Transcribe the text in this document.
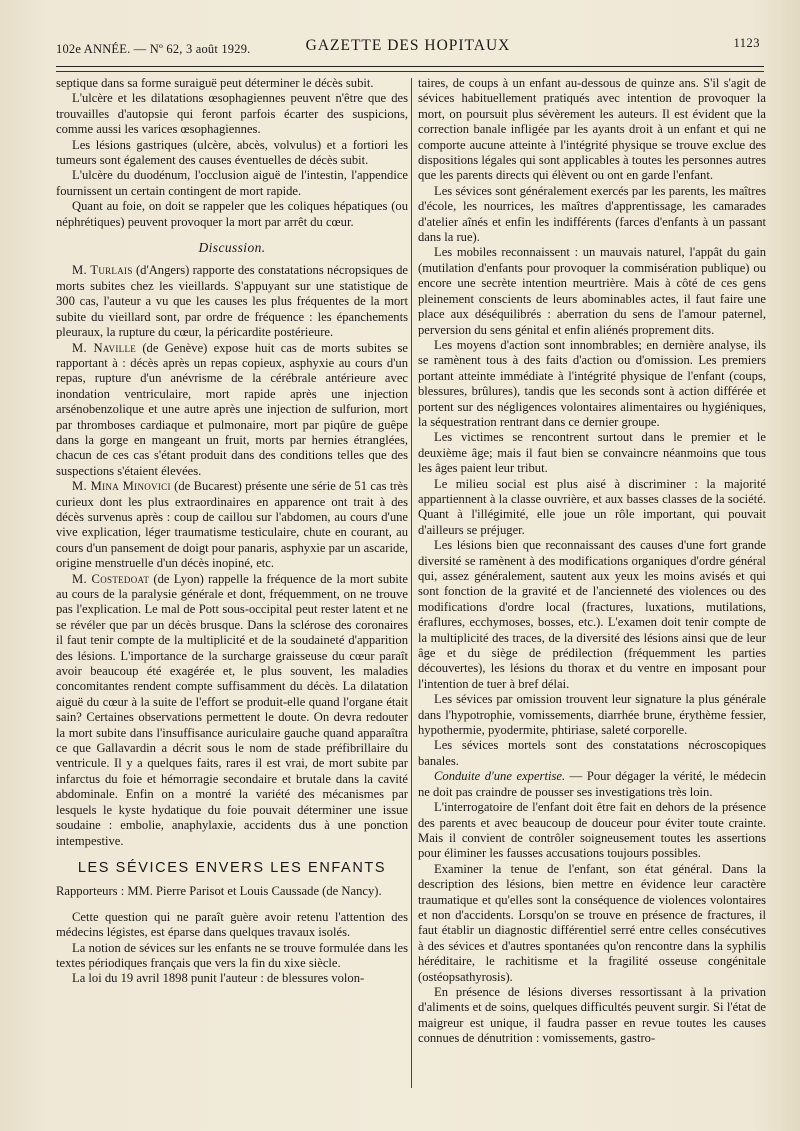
102e ANNÉE. — Nº 62, 3 août 1929.	GAZETTE DES HOPITAUX	1123

septique dans sa forme suraiguë peut déterminer le décès subit.

L'ulcère et les dilatations œsophagiennes peuvent n'être que des trouvailles d'autopsie qui feront parfois écarter des suspicions, comme aussi les varices œsophagiennes.

Les lésions gastriques (ulcère, abcès, volvulus) et a fortiori les tumeurs sont également des causes éventuelles de décès subit.

L'ulcère du duodénum, l'occlusion aiguë de l'intestin, l'appendice fournissent un certain contingent de mort rapide.

Quant au foie, on doit se rappeler que les coliques hépatiques (ou néphrétiques) peuvent provoquer la mort par arrêt du cœur.

Discussion.

M. Turlais (d'Angers) rapporte des constatations nécropsiques de morts subites chez les vieillards. S'appuyant sur une statistique de 300 cas, l'auteur a vu que les causes les plus fréquentes de la mort subite du vieillard sont, par ordre de fréquence : les épanchements pleuraux, la rupture du cœur, la péricardite postérieure.

M. Naville (de Genève) expose huit cas de morts subites se rapportant à : décès après un repas copieux, asphyxie au cours d'un repas, rupture d'un anévrisme de la cérébrale antérieure avec inondation ventriculaire, mort rapide après une injection arsénobenzolique et une autre après une injection de sulfurion, mort par thromboses cardiaque et pulmonaire, mort par piqûre de guêpe dans la gorge en mangeant un fruit, morts par hernies étranglées, chacun de ces cas s'étant produit dans des conditions telles que des suspections s'étaient élevées.

M. Mina Minovici (de Bucarest) présente une série de 51 cas très curieux dont les plus extraordinaires en apparence ont trait à des décès survenus après : coup de caillou sur l'abdomen, au cours d'une vive explication, léger traumatisme testiculaire, chute en courant, au cours d'un pansement de doigt pour panaris, asphyxie par un ascaride, origine menstruelle d'un décès inopiné, etc.

M. Costedoat (de Lyon) rappelle la fréquence de la mort subite au cours de la paralysie générale et dont, fréquemment, on ne trouve pas l'explication. Le mal de Pott sous-occipital peut rester latent et ne se révéler que par un décès brusque. Dans la sclérose des coronaires il faut tenir compte de la multiplicité et de la soudaineté d'apparition des lésions. L'importance de la surcharge graisseuse du cœur paraît avoir beaucoup été exagérée et, le plus souvent, les maladies concomitantes rendent compte suffisamment du décès. La dilatation aiguë du cœur à la suite de l'effort se produit-elle quand l'organe était sain? Certaines observations permettent le doute. On devra redouter la mort subite dans l'insuffisance auriculaire gauche quand apparaîtra ce que Gallavardin a décrit sous le nom de stade préfibrillaire du ventricule. Il y a quelques faits, rares il est vrai, de mort subite par infarctus du foie et hémorragie secondaire et brutale dans la cavité abdominale. Enfin on a montré la variété des mécanismes par lesquels le kyste hydatique du foie pouvait déterminer une issue soudaine : embolie, anaphylaxie, accidents dus à une ponction intempestive.

LES SÉVICES ENVERS LES ENFANTS

Rapporteurs : MM. Pierre Parisot et Louis Caussade (de Nancy).

Cette question qui ne paraît guère avoir retenu l'attention des médecins légistes, est éparse dans quelques travaux isolés.

La notion de sévices sur les enfants ne se trouve formulée dans les textes périodiques français que vers la fin du xixe siècle.

La loi du 19 avril 1898 punit l'auteur : de blessures volon-

taires, de coups à un enfant au-dessous de quinze ans. S'il s'agit de sévices habituellement pratiqués avec intention de provoquer la mort, on poursuit plus sévèrement les auteurs. Il est évident que la correction banale infligée par les ayants droit à un enfant et qui ne comporte aucune atteinte à l'intégrité physique se trouve exclue des dispositions légales qui sont applicables à toutes les personnes autres que les parents directs qui élèvent ou ont en garde l'enfant.

Les sévices sont généralement exercés par les parents, les maîtres d'école, les nourrices, les maîtres d'apprentissage, les camarades d'atelier aînés et enfin les indifférents (farces d'enfants à un passant dans la rue).

Les mobiles reconnaissent : un mauvais naturel, l'appât du gain (mutilation d'enfants pour provoquer la commisération publique) ou encore une secrète intention meurtrière. Mais à côté de ces gens pleinement conscients de leurs abominables actes, il faut faire une place aux déséquilibrés : aberration du sens de l'amour paternel, perversion du sens génital et enfin aliénés proprement dits.

Les moyens d'action sont innombrables; en dernière analyse, ils se ramènent tous à des faits d'action ou d'omission. Les premiers portant atteinte immédiate à l'intégrité physique de l'enfant (coups, blessures, brûlures), tandis que les seconds sont à action différée et portent sur des négligences volontaires alimentaires ou hygiéniques, la séquestration rentrant dans ce dernier groupe.

Les victimes se rencontrent surtout dans le premier et le deuxième âge; mais il faut bien se convaincre néanmoins que tous les âges paient leur tribut.

Le milieu social est plus aisé à discriminer : la majorité appartiennent à la classe ouvrière, et aux basses classes de la société. Quant à l'illégimité, elle joue un rôle important, qui pouvait d'ailleurs se préjuger.

Les lésions bien que reconnaissant des causes d'une fort grande diversité se ramènent à des modifications organiques d'ordre général qui, assez généralement, sautent aux yeux les moins avisés et qui sont fonction de la gravité et de l'ancienneté des violences ou des modifications d'ordre local (fractures, luxations, mutilations, éraflures, ecchymoses, bosses, etc.). L'examen doit tenir compte de la multiplicité des traces, de la diversité des lésions ainsi que de leur âge et du siège de prédilection (fréquemment les parties découvertes), les lésions du thorax et du ventre en imposant pour l'intention de tuer à bref délai.

Les sévices par omission trouvent leur signature la plus générale dans l'hypotrophie, vomissements, diarrhée brune, érythème fessier, hypothermie, pyodermite, phtiriase, saleté corporelle.

Les sévices mortels sont des constatations nécroscopiques banales.

Conduite d'une expertise. — Pour dégager la vérité, le médecin ne doit pas craindre de pousser ses investigations très loin.

L'interrogatoire de l'enfant doit être fait en dehors de la présence des parents et avec beaucoup de douceur pour éviter toute crainte. Mais il convient de contrôler soigneusement toutes les assertions pour éliminer les fausses accusations toujours possibles.

Examiner la tenue de l'enfant, son état général. Dans la description des lésions, bien mettre en évidence leur caractère traumatique et qu'elles sont la conséquence de violences volontaires et non d'accidents. Lorsqu'on se trouve en présence de fractures, il faut établir un diagnostic différentiel serré entre celles consécutives à des sévices et d'autres spontanées qu'on rencontre dans la syphilis héréditaire, le rachitisme et la fragilité osseuse congénitale (ostéopsathyrosis).

En présence de lésions diverses ressortissant à la privation d'aliments et de soins, quelques difficultés peuvent surgir. Si l'état de maigreur est unique, il faudra passer en revue toutes les causes connues de dénutrition : vomissements, gastro-
